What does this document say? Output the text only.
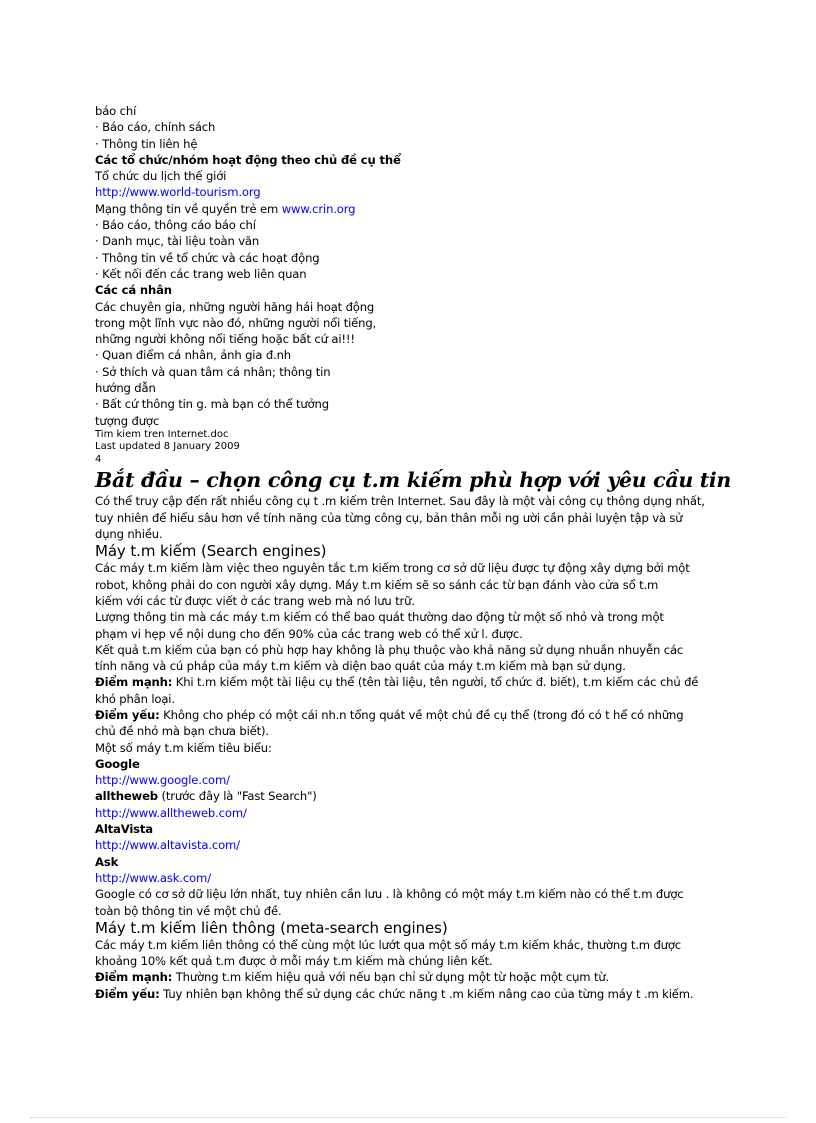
báo chí
· Báo cáo, chính sách
· Thông tin liên hệ
Các tổ chức/nhóm hoạt động theo chủ đề cụ thể
Tổ chức du lịch thế giới
http://www.world-tourism.org
Mạng thông tin về quyền trẻ em www.crin.org
· Báo cáo, thông cáo báo chí
· Danh mục, tài liệu toàn văn
· Thông tin về tổ chức và các hoạt động
· Kết nối đến các trang web liên quan
Các cá nhân
Các chuyên gia, những người hăng hái hoạt động
trong một lĩnh vực nào đó, những người nổi tiếng,
những người không nổi tiếng hoặc bất cứ ai!!!
· Quan điểm cá nhân, ảnh gia đ.nh
· Sở thích và quan tâm cá nhân; thông tin
hướng dẫn
· Bất cứ thông tin g. mà bạn có thể tưởng
tượng được
Tim kiem tren Internet.doc
Last updated 8 January 2009
4
Bắt đầu – chọn công cụ t.m kiếm phù hợp với yêu cầu tin
Có thể truy cập đến rất nhiều công cụ t .m kiếm trên Internet. Sau đây là một vài công cụ thông dụng nhất,
tuy nhiên để hiểu sâu hơn về tính năng của từng công cụ, bản thân mỗi ng ười cần phải luyện tập và sử
dụng nhiều.
Máy t.m kiếm (Search engines)
Các máy t.m kiếm làm việc theo nguyên tắc t.m kiếm trong cơ sở dữ liệu được tự động xây dựng bởi một
robot, không phải do con người xây dựng. Máy t.m kiếm sẽ so sánh các từ bạn đánh vào cửa sổ t.m
kiếm với các từ được viết ở các trang web mà nó lưu trữ.
Lượng thông tin mà các máy t.m kiếm có thể bao quát thường dao động từ một số nhỏ và trong một
phạm vi hẹp về nội dung cho đến 90% của các trang web có thể xử l. được.
Kết quả t.m kiếm của bạn có phù hợp hay không là phụ thuộc vào khả năng sử dụng nhuần nhuyễn các
tính năng và cú pháp của máy t.m kiếm và diện bao quát của máy t.m kiếm mà bạn sử dụng.
Điểm mạnh: Khi t.m kiếm một tài liệu cụ thể (tên tài liệu, tên người, tổ chức đ. biết), t.m kiếm các chủ đề
khó phân loại.
Điểm yếu: Không cho phép có một cái nh.n tổng quát về một chủ đề cụ thể (trong đó có t hể có những
chủ đề nhỏ mà bạn chưa biết).
Một số máy t.m kiếm tiêu biểu:
Google
http://www.google.com/
alltheweb (trước đây là "Fast Search")
http://www.alltheweb.com/
AltaVista
http://www.altavista.com/
Ask
http://www.ask.com/
Google có cơ sở dữ liệu lớn nhất, tuy nhiên cần lưu . là không có một máy t.m kiếm nào có thể t.m được
toàn bộ thông tin về một chủ đề.
Máy t.m kiếm liên thông (meta-search engines)
Các máy t.m kiếm liên thông có thể cùng một lúc lướt qua một số máy t.m kiếm khác, thường t.m được
khoảng 10% kết quả t.m được ở mỗi máy t.m kiếm mà chúng liên kết.
Điểm mạnh: Thường t.m kiếm hiệu quả với nếu bạn chỉ sử dụng một từ hoặc một cụm từ.
Điểm yếu: Tuy nhiên bạn không thể sử dụng các chức năng t .m kiếm nâng cao của từng máy t .m kiếm.
